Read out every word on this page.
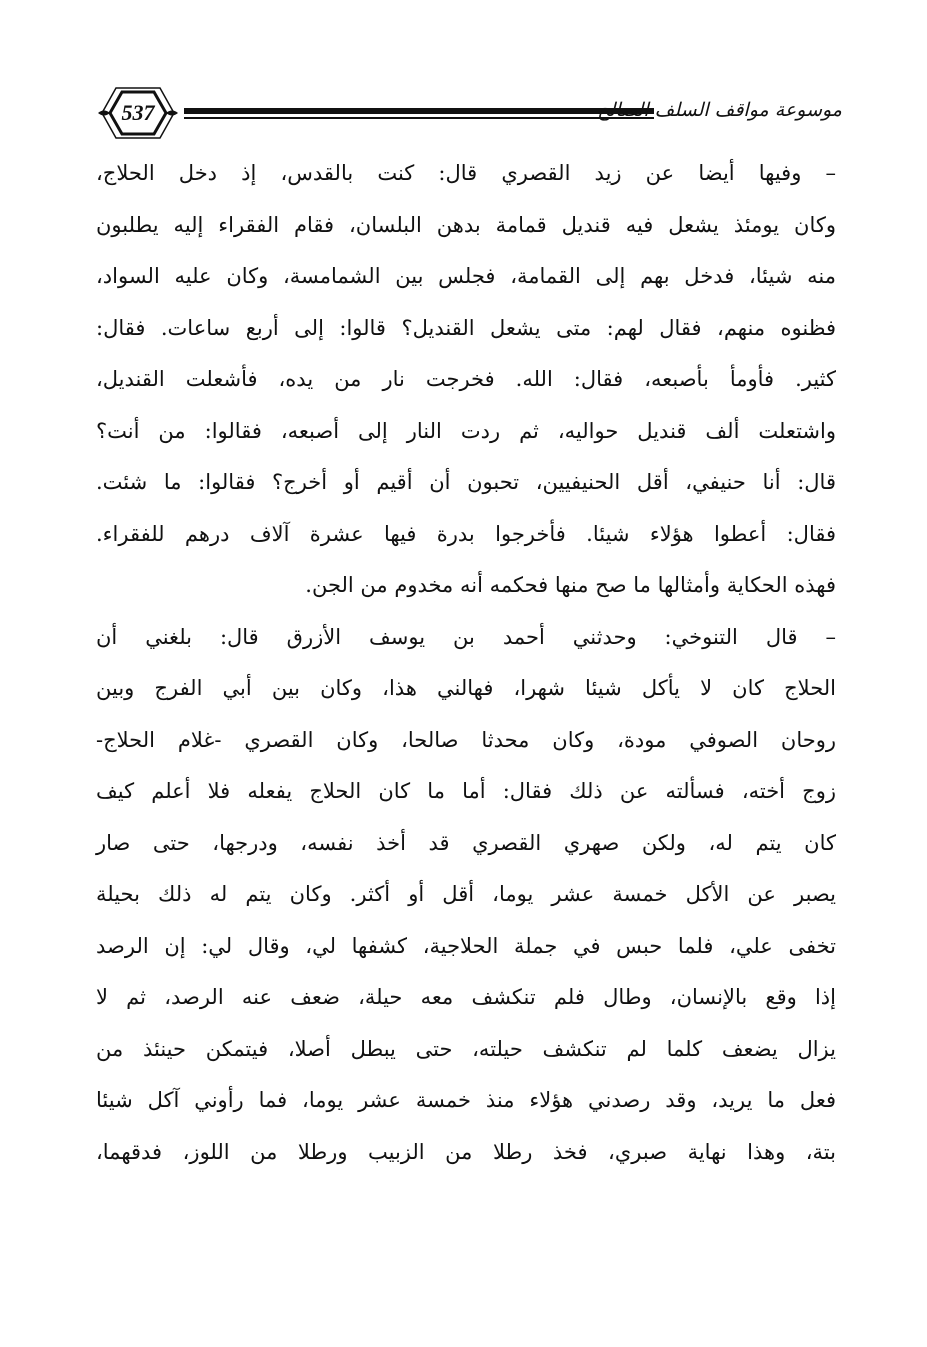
537	موسوعة مواقف السلف الصالح
– وفيها أيضا عن زيد القصري قال: كنت بالقدس، إذ دخل الحلاج،
وكان يومئذ يشعل فيه قنديل قمامة بدهن البلسان، فقام الفقراء إليه يطلبون
منه شيئا، فدخل بهم إلى القمامة، فجلس بين الشمامسة، وكان عليه السواد،
فظنوه منهم، فقال لهم: متى يشعل القنديل؟ قالوا: إلى أربع ساعات. فقال:
كثير. فأومأ بأصبعه، فقال: الله. فخرجت نار من يده، فأشعلت القنديل،
واشتعلت ألف قنديل حواليه، ثم ردت النار إلى أصبعه، فقالوا: من أنت؟
قال: أنا حنيفي، أقل الحنيفيين، تحبون أن أقيم أو أخرج؟ فقالوا: ما شئت.
فقال: أعطوا هؤلاء شيئا. فأخرجوا بدرة فيها عشرة آلاف درهم للفقراء.
فهذه الحكاية وأمثالها ما صح منها فحكمه أنه مخدوم من الجن.
– قال التنوخي: وحدثني أحمد بن يوسف الأزرق قال: بلغني أن
الحلاج كان لا يأكل شيئا شهرا، فهالني هذا، وكان بين أبي الفرج وبين
روحان الصوفي مودة، وكان محدثا صالحا، وكان القصري -غلام الحلاج-
زوج أخته، فسألته عن ذلك فقال: أما ما كان الحلاج يفعله فلا أعلم كيف
كان يتم له، ولكن صهري القصري قد أخذ نفسه، ودرجها، حتى صار
يصبر عن الأكل خمسة عشر يوما، أقل أو أكثر. وكان يتم له ذلك بحيلة
تخفى علي، فلما حبس في جملة الحلاجية، كشفها لي، وقال لي: إن الرصد
إذا وقع بالإنسان، وطال فلم تنكشف معه حيلة، ضعف عنه الرصد، ثم لا
يزال يضعف كلما لم تنكشف حيلته، حتى يبطل أصلا، فيتمكن حينئذ من
فعل ما يريد، وقد رصدني هؤلاء منذ خمسة عشر يوما، فما رأوني آكل شيئا
بتة، وهذا نهاية صبري، فخذ رطلا من الزبيب ورطلا من اللوز، فدقهما،
